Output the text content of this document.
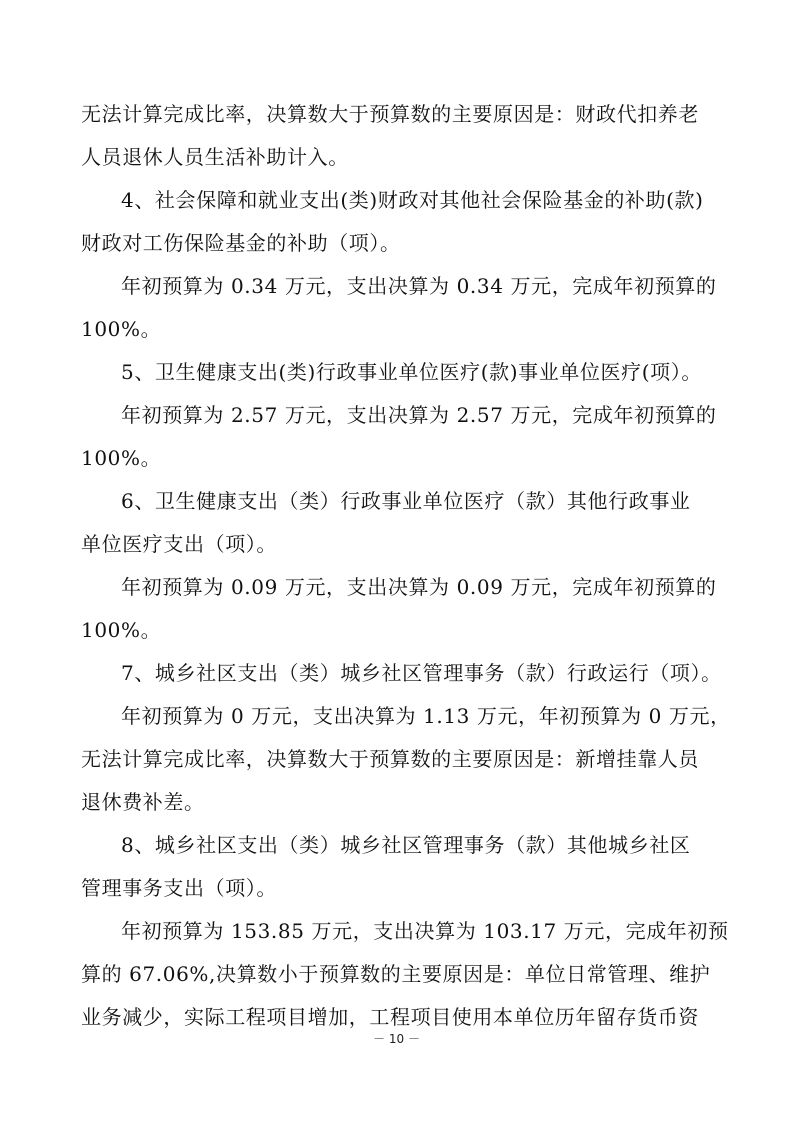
无法计算完成比率，决算数大于预算数的主要原因是：财政代扣养老
人员退休人员生活补助计入。
4、社会保障和就业支出(类)财政对其他社会保险基金的补助(款)
财政对工伤保险基金的补助（项）。
年初预算为 0.34 万元，支出决算为 0.34 万元，完成年初预算的
100%。
5、卫生健康支出(类)行政事业单位医疗(款)事业单位医疗(项）。
年初预算为 2.57 万元，支出决算为 2.57 万元，完成年初预算的
100%。
6、卫生健康支出（类）行政事业单位医疗（款）其他行政事业
单位医疗支出（项）。
年初预算为 0.09 万元，支出决算为 0.09 万元，完成年初预算的
100%。
7、城乡社区支出（类）城乡社区管理事务（款）行政运行（项）。
年初预算为 0 万元，支出决算为 1.13 万元，年初预算为 0 万元，
无法计算完成比率，决算数大于预算数的主要原因是：新增挂靠人员
退休费补差。
8、城乡社区支出（类）城乡社区管理事务（款）其他城乡社区
管理事务支出（项）。
年初预算为 153.85 万元，支出决算为 103.17 万元，完成年初预
算的 67.06%,决算数小于预算数的主要原因是：单位日常管理、维护
业务减少，实际工程项目增加，工程项目使用本单位历年留存货币资
－ 10 －
